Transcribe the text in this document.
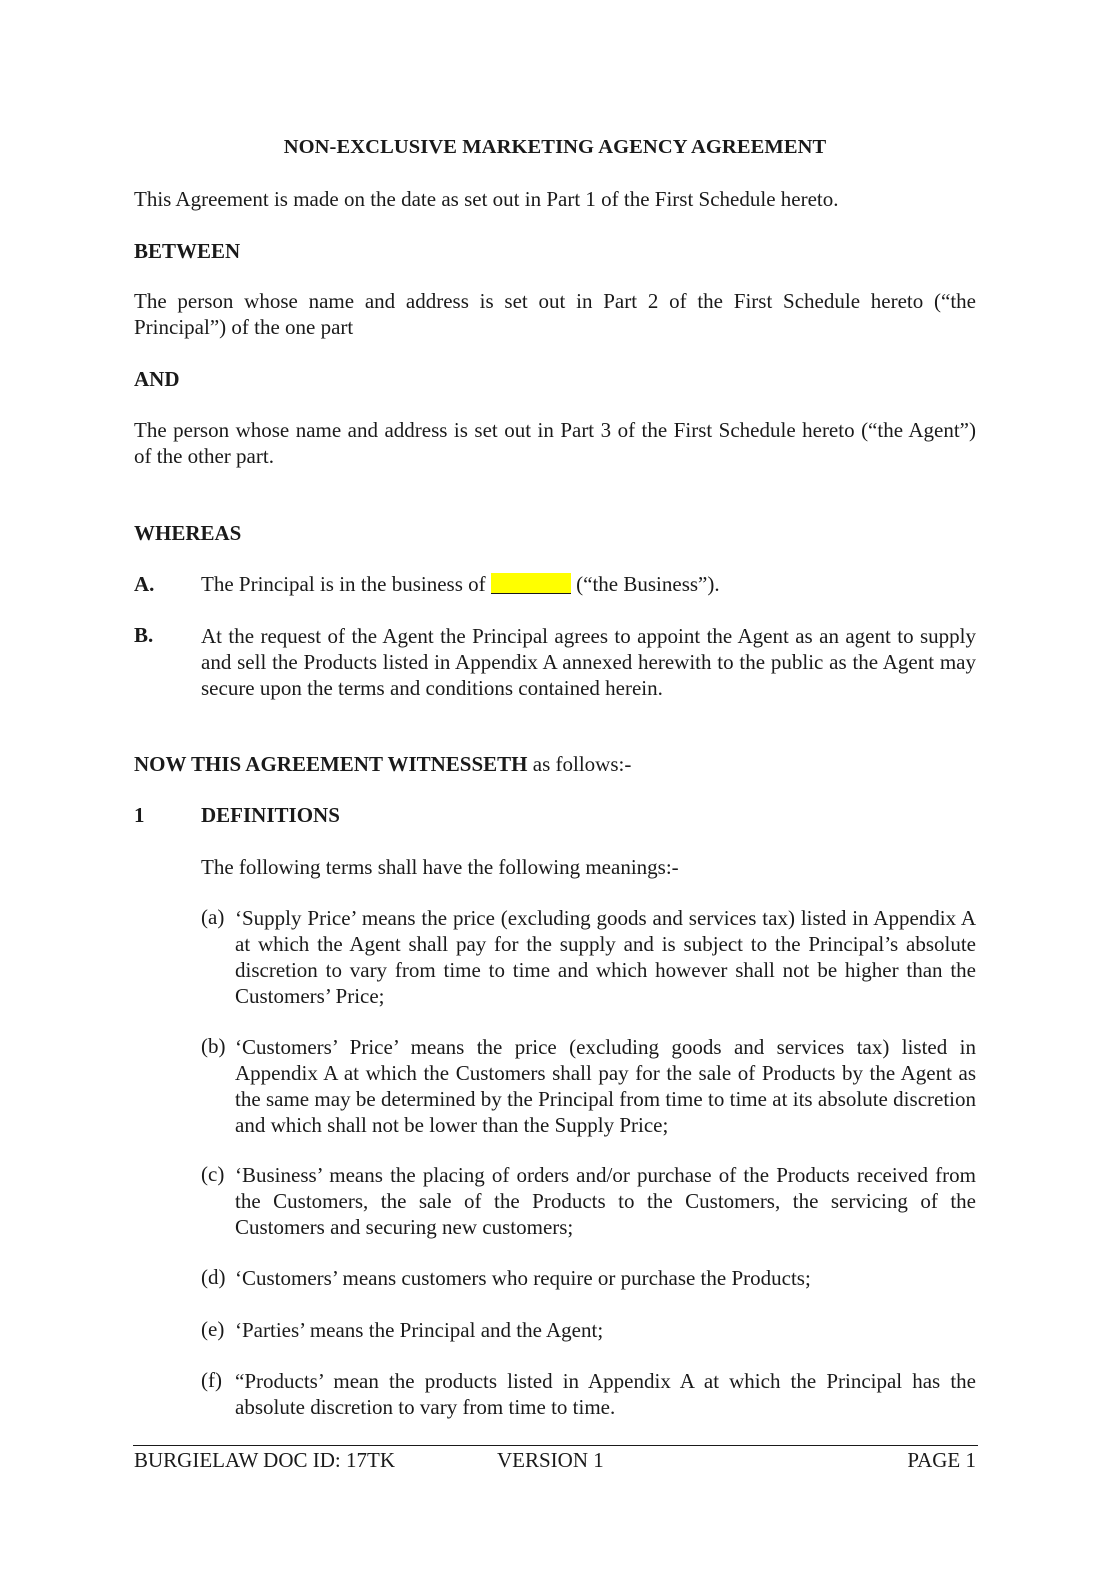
NON-EXCLUSIVE MARKETING AGENCY AGREEMENT
This Agreement is made on the date as set out in Part 1 of the First Schedule hereto.
BETWEEN
The person whose name and address is set out in Part 2 of the First Schedule hereto (“the Principal”) of the one part
AND
The person whose name and address is set out in Part 3 of the First Schedule hereto (“the Agent”) of the other part.
WHEREAS
A. The Principal is in the business of	(“the Business”).
B. At the request of the Agent the Principal agrees to appoint the Agent as an agent to supply and sell the Products listed in Appendix A annexed herewith to the public as the Agent may secure upon the terms and conditions contained herein.
NOW THIS AGREEMENT WITNESSETH as follows:-
1	DEFINITIONS
The following terms shall have the following meanings:-
(a) ‘Supply Price’ means the price (excluding goods and services tax) listed in Appendix A at which the Agent shall pay for the supply and is subject to the Principal’s absolute discretion to vary from time to time and which however shall not be higher than the Customers’ Price;
(b) ‘Customers’ Price’ means the price (excluding goods and services tax) listed in Appendix A at which the Customers shall pay for the sale of Products by the Agent as the same may be determined by the Principal from time to time at its absolute discretion and which shall not be lower than the Supply Price;
(c) ‘Business’ means the placing of orders and/or purchase of the Products received from the Customers, the sale of the Products to the Customers, the servicing of the Customers and securing new customers;
(d) ‘Customers’ means customers who require or purchase the Products;
(e) ‘Parties’ means the Principal and the Agent;
(f) “Products’ mean the products listed in Appendix A at which the Principal has the absolute discretion to vary from time to time.
BURGIELAW DOC ID: 17TK	VERSION 1	PAGE 1
